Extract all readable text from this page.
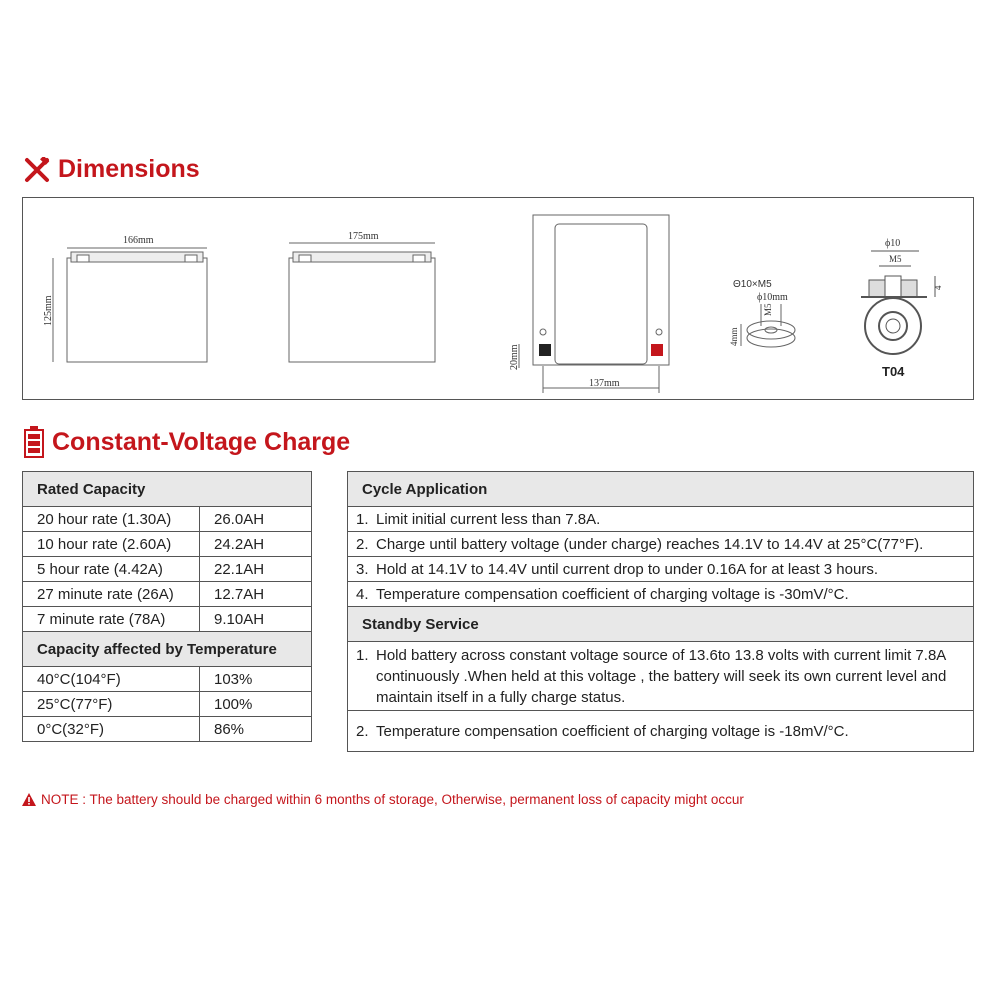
Dimensions
166mm
125mm
175mm
20mm
137mm
Θ10×M5
ϕ10mm
M5
4mm
ϕ10
M5
4
T04
Constant-Voltage Charge
Rated Capacity	
20 hour rate (1.30A)	26.0AH
10 hour rate (2.60A)	24.2AH
5 hour rate (4.42A)	22.1AH
27 minute rate (26A)	12.7AH
7 minute rate (78A)	9.10AH
Capacity affected by Temperature	
40°C(104°F)	103%
25°C(77°F)	100%
0°C(32°F)	86%
Cycle Application

1. Limit initial current less than 7.8A.

2. Charge until battery voltage (under charge) reaches 14.1V to 14.4V at 25°C(77°F).

3. Hold at 14.1V to 14.4V until current drop to under 0.16A for at least 3 hours.

4. Temperature compensation coefficient of charging voltage is -30mV/°C.

Standby Service

1. Hold battery across constant voltage source of 13.6to 13.8 volts with current limit 7.8A continuously .When held at this voltage , the battery will seek its own current level and maintain itself in a fully charge status.

2. Temperature compensation coefficient of charging voltage is -18mV/°C.
NOTE : The battery should be charged within 6 months of storage, Otherwise, permanent loss of capacity might occur
